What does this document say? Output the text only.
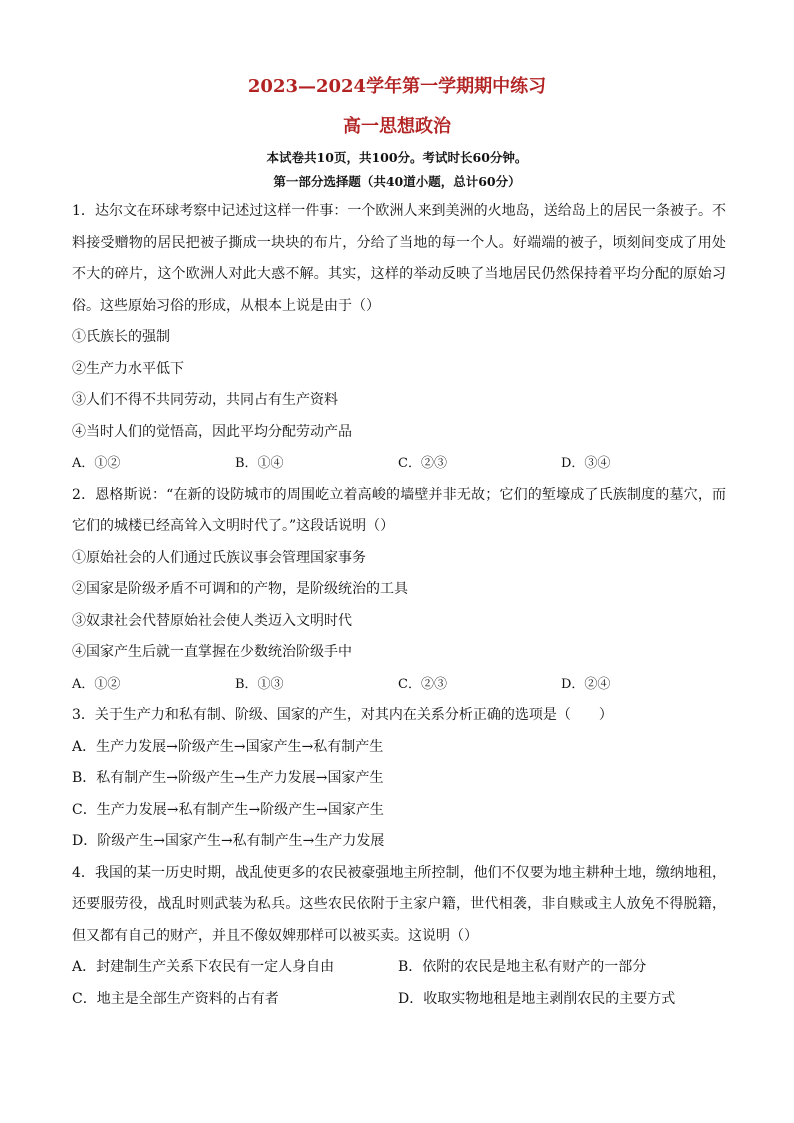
2023—2024学年第一学期期中练习
高一思想政治
本试卷共10页，共100分。考试时长60分钟。
第一部分选择题（共40道小题，总计60分）

1．达尔文在环球考察中记述过这样一件事：一个欧洲人来到美洲的火地岛，送给岛上的居民一条被子。不料接受赠物的居民把被子撕成一块块的布片，分给了当地的每一个人。好端端的被子，顷刻间变成了用处不大的碎片，这个欧洲人对此大惑不解。其实，这样的举动反映了当地居民仍然保持着平均分配的原始习俗。这些原始习俗的形成，从根本上说是由于（）

①氏族长的强制

②生产力水平低下

③人们不得不共同劳动，共同占有生产资料

④当时人们的觉悟高，因此平均分配劳动产品

A．①②	B．①④	C．②③	D．③④

2．恩格斯说：“在新的设防城市的周围屹立着高峻的墙壁并非无故；它们的堑壕成了氏族制度的墓穴，而它们的城楼已经高耸入文明时代了。”这段话说明（）

①原始社会的人们通过氏族议事会管理国家事务

②国家是阶级矛盾不可调和的产物，是阶级统治的工具

③奴隶社会代替原始社会使人类迈入文明时代

④国家产生后就一直掌握在少数统治阶级手中

A．①②	B．①③	C．②③	D．②④

3．关于生产力和私有制、阶级、国家的产生，对其内在关系分析正确的选项是（　　）

A．生产力发展→阶级产生→国家产生→私有制产生

B．私有制产生→阶级产生→生产力发展→国家产生

C．生产力发展→私有制产生→阶级产生→国家产生

D．阶级产生→国家产生→私有制产生→生产力发展

4．我国的某一历史时期，战乱使更多的农民被豪强地主所控制，他们不仅要为地主耕种土地，缴纳地租，还要服劳役，战乱时则武装为私兵。这些农民依附于主家户籍，世代相袭，非自赎或主人放免不得脱籍，但又都有自己的财产，并且不像奴婢那样可以被买卖。这说明（）

A．封建制生产关系下农民有一定人身自由	B．依附的农民是地主私有财产的一部分
C．地主是全部生产资料的占有者	D．收取实物地租是地主剥削农民的主要方式
